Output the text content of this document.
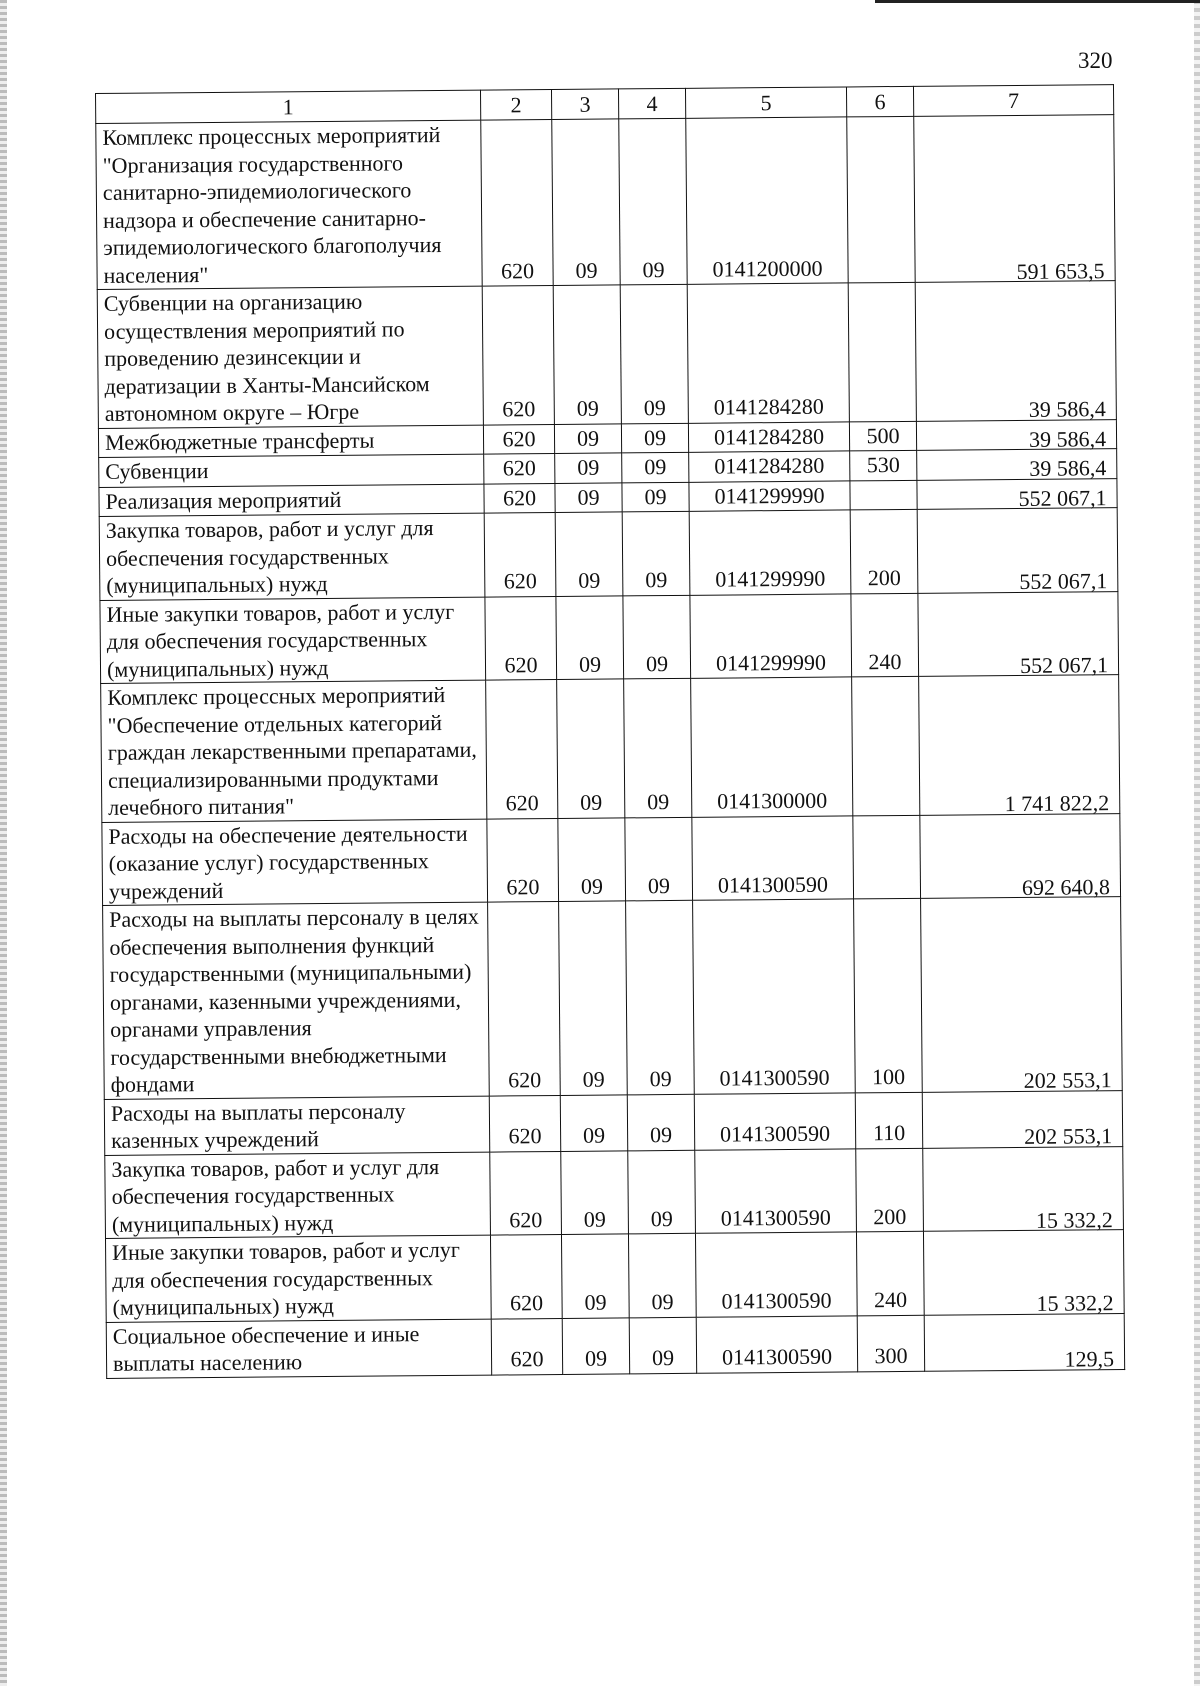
320
1	2	3	4	5	6	7
Комплекс процессных мероприятий "Организация государственного санитарно-эпидемиологического надзора и обеспечение санитарно-эпидемиологического благополучия населения"	620	09	09	0141200000		591 653,5
Субвенции на организацию осуществления мероприятий по проведению дезинсекции и дератизации в Ханты-Мансийском автономном округе – Югре	620	09	09	0141284280		39 586,4
Межбюджетные трансферты	620	09	09	0141284280	500	39 586,4
Субвенции	620	09	09	0141284280	530	39 586,4
Реализация мероприятий	620	09	09	0141299990		552 067,1
Закупка товаров, работ и услуг для обеспечения государственных (муниципальных) нужд	620	09	09	0141299990	200	552 067,1
Иные закупки товаров, работ и услуг для обеспечения государственных (муниципальных) нужд	620	09	09	0141299990	240	552 067,1
Комплекс процессных мероприятий "Обеспечение отдельных категорий граждан лекарственными препаратами, специализированными продуктами лечебного питания"	620	09	09	0141300000		1 741 822,2
Расходы на обеспечение деятельности (оказание услуг) государственных учреждений	620	09	09	0141300590		692 640,8
Расходы на выплаты персоналу в целях обеспечения выполнения функций государственными (муниципальными) органами, казенными учреждениями, органами управления государственными внебюджетными фондами	620	09	09	0141300590	100	202 553,1
Расходы на выплаты персоналу казенных учреждений	620	09	09	0141300590	110	202 553,1
Закупка товаров, работ и услуг для обеспечения государственных (муниципальных) нужд	620	09	09	0141300590	200	15 332,2
Иные закупки товаров, работ и услуг для обеспечения государственных (муниципальных) нужд	620	09	09	0141300590	240	15 332,2
Социальное обеспечение и иные выплаты населению	620	09	09	0141300590	300	129,5
